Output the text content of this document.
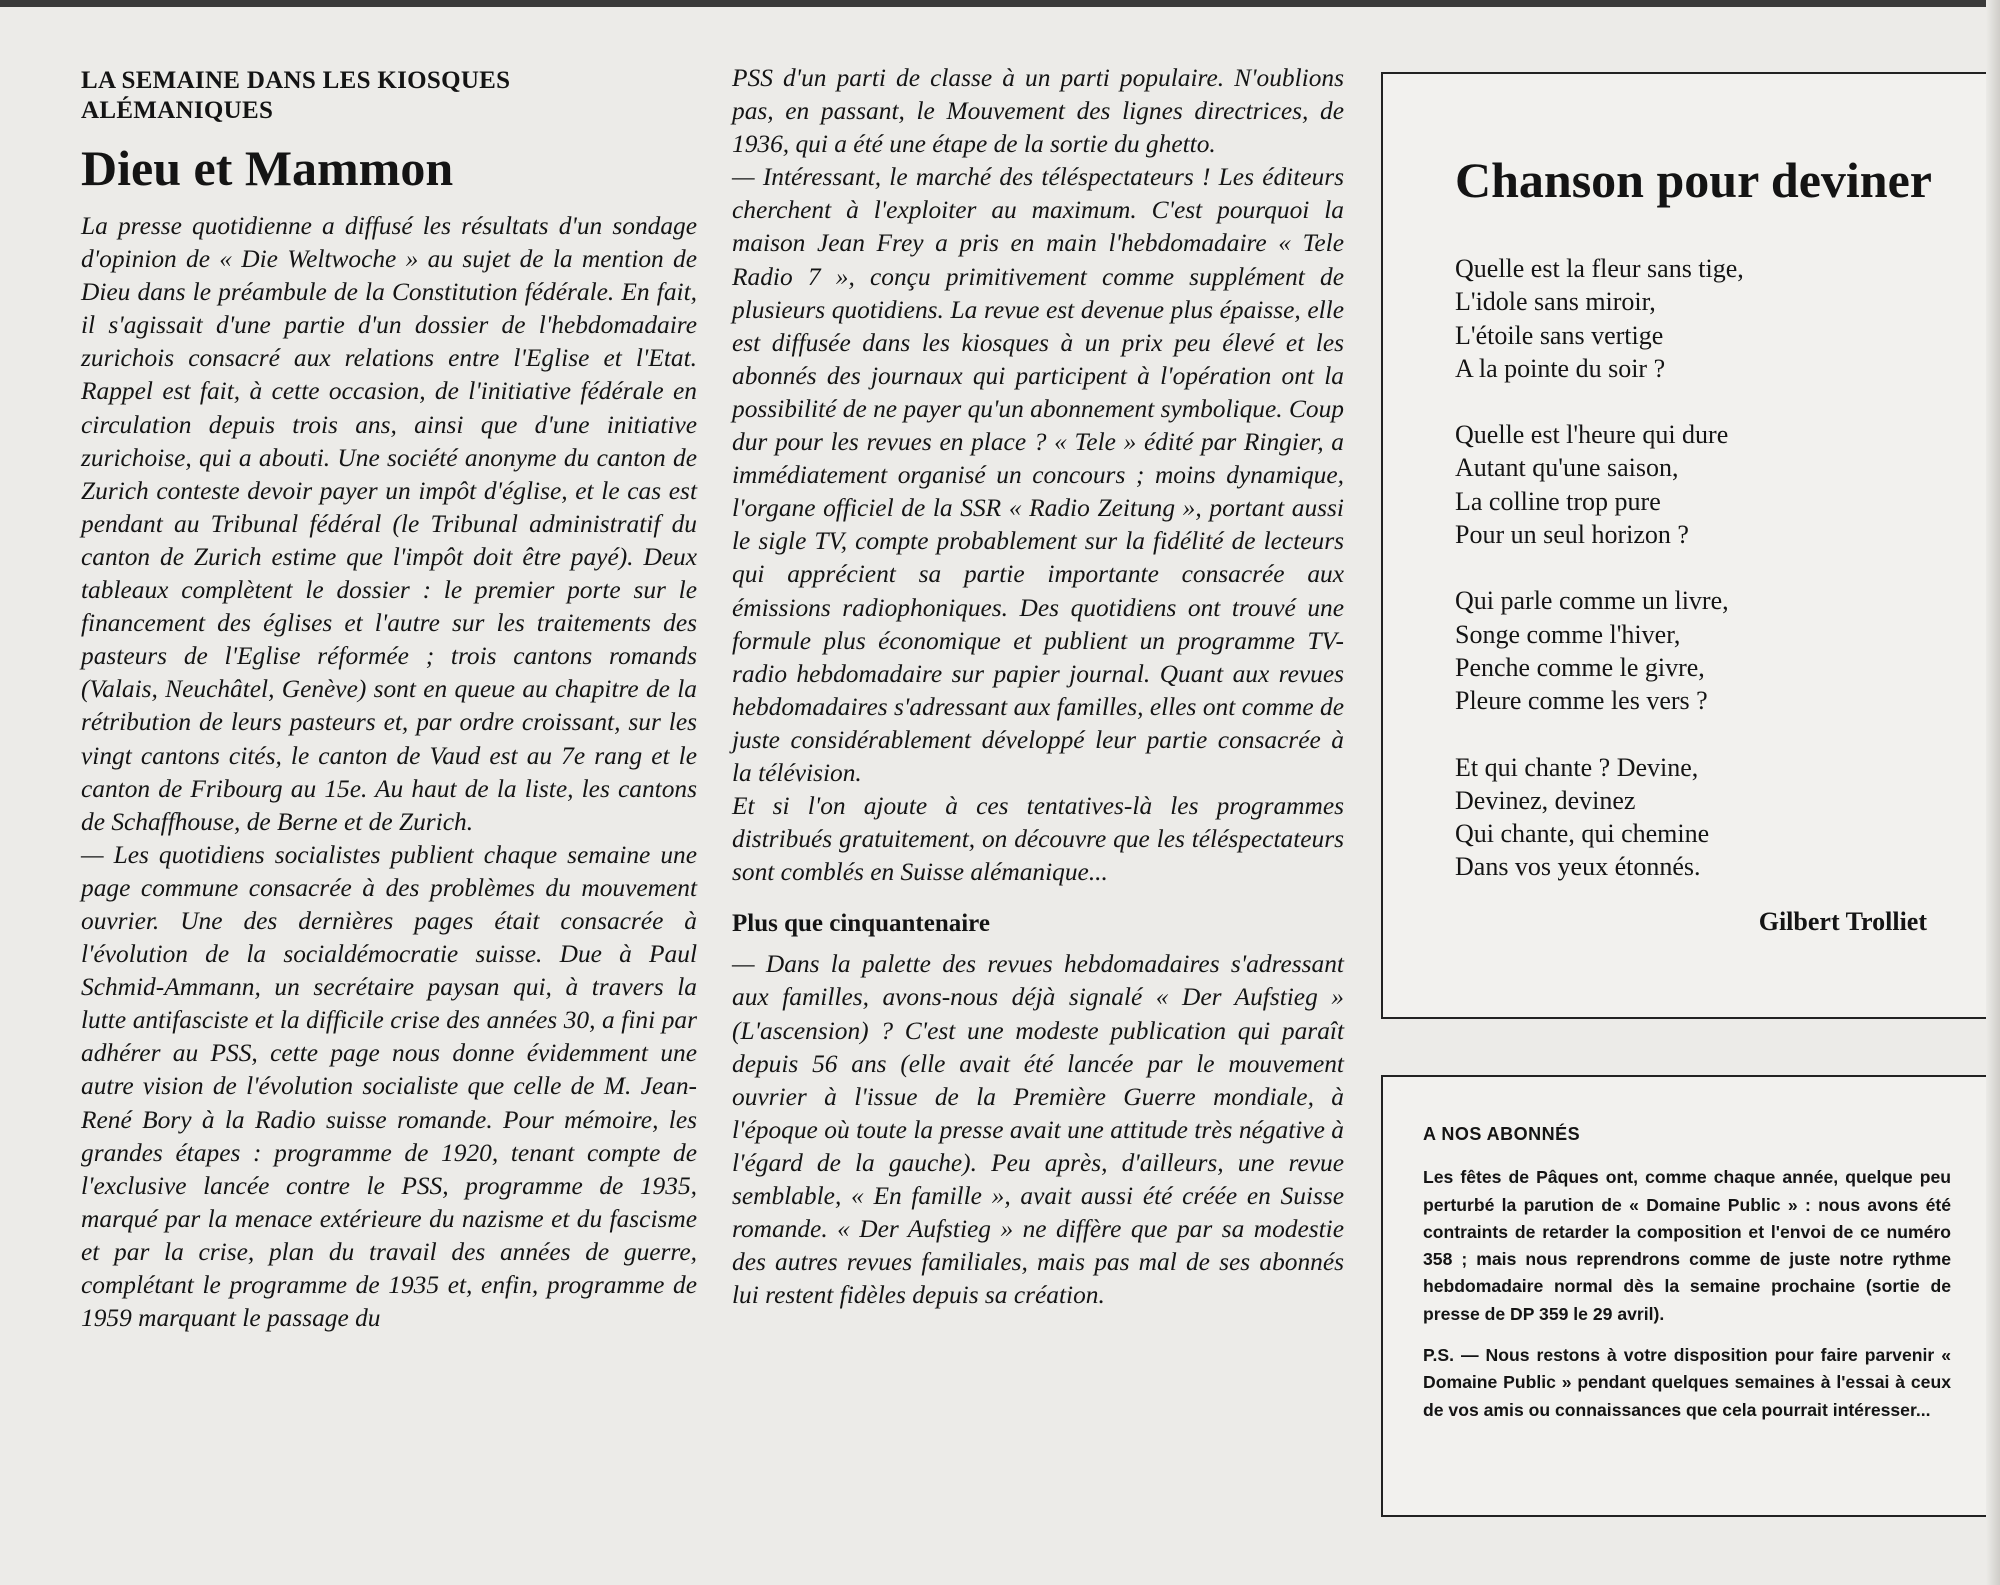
LA SEMAINE DANS LES KIOSQUES ALÉMANIQUES
Dieu et Mammon

La presse quotidienne a diffusé les résultats d'un sondage d'opinion de « Die Weltwoche » au sujet de la mention de Dieu dans le préambule de la Constitution fédérale. En fait, il s'agissait d'une partie d'un dossier de l'hebdomadaire zurichois consacré aux relations entre l'Eglise et l'Etat. Rappel est fait, à cette occasion, de l'initiative fédérale en circulation depuis trois ans, ainsi que d'une initiative zurichoise, qui a abouti. Une société anonyme du canton de Zurich conteste devoir payer un impôt d'église, et le cas est pendant au Tribunal fédéral (le Tribunal administratif du canton de Zurich estime que l'impôt doit être payé). Deux tableaux complètent le dossier : le premier porte sur le financement des églises et l'autre sur les traitements des pasteurs de l'Eglise réformée ; trois cantons romands (Valais, Neuchâtel, Genève) sont en queue au chapitre de la rétribution de leurs pasteurs et, par ordre croissant, sur les vingt cantons cités, le canton de Vaud est au 7e rang et le canton de Fribourg au 15e. Au haut de la liste, les cantons de Schaffhouse, de Berne et de Zurich.

— Les quotidiens socialistes publient chaque semaine une page commune consacrée à des problèmes du mouvement ouvrier. Une des dernières pages était consacrée à l'évolution de la socialdémocratie suisse. Due à Paul Schmid-Ammann, un secrétaire paysan qui, à travers la lutte antifasciste et la difficile crise des années 30, a fini par adhérer au PSS, cette page nous donne évidemment une autre vision de l'évolution socialiste que celle de M. Jean-René Bory à la Radio suisse romande. Pour mémoire, les grandes étapes : programme de 1920, tenant compte de l'exclusive lancée contre le PSS, programme de 1935, marqué par la menace extérieure du nazisme et du fascisme et par la crise, plan du travail des années de guerre, complétant le programme de 1935 et, enfin, programme de 1959 marquant le passage du

PSS d'un parti de classe à un parti populaire. N'oublions pas, en passant, le Mouvement des lignes directrices, de 1936, qui a été une étape de la sortie du ghetto.

— Intéressant, le marché des téléspectateurs ! Les éditeurs cherchent à l'exploiter au maximum. C'est pourquoi la maison Jean Frey a pris en main l'hebdomadaire « Tele Radio 7 », conçu primitivement comme supplément de plusieurs quotidiens. La revue est devenue plus épaisse, elle est diffusée dans les kiosques à un prix peu élevé et les abonnés des journaux qui participent à l'opération ont la possibilité de ne payer qu'un abonnement symbolique. Coup dur pour les revues en place ? « Tele » édité par Ringier, a immédiatement organisé un concours ; moins dynamique, l'organe officiel de la SSR « Radio Zeitung », portant aussi le sigle TV, compte probablement sur la fidélité de lecteurs qui apprécient sa partie importante consacrée aux émissions radiophoniques. Des quotidiens ont trouvé une formule plus économique et publient un programme TV-radio hebdomadaire sur papier journal. Quant aux revues hebdomadaires s'adressant aux familles, elles ont comme de juste considérablement développé leur partie consacrée à la télévision.

Et si l'on ajoute à ces tentatives-là les programmes distribués gratuitement, on découvre que les téléspectateurs sont comblés en Suisse alémanique...

Plus que cinquantenaire

— Dans la palette des revues hebdomadaires s'adressant aux familles, avons-nous déjà signalé « Der Aufstieg » (L'ascension) ? C'est une modeste publication qui paraît depuis 56 ans (elle avait été lancée par le mouvement ouvrier à l'issue de la Première Guerre mondiale, à l'époque où toute la presse avait une attitude très négative à l'égard de la gauche). Peu après, d'ailleurs, une revue semblable, « En famille », avait aussi été créée en Suisse romande. « Der Aufstieg » ne diffère que par sa modestie des autres revues familiales, mais pas mal de ses abonnés lui restent fidèles depuis sa création.

Chanson pour deviner
Quelle est la fleur sans tige,
L'idole sans miroir,
L'étoile sans vertige
A la pointe du soir ?
Quelle est l'heure qui dure
Autant qu'une saison,
La colline trop pure
Pour un seul horizon ?
Qui parle comme un livre,
Songe comme l'hiver,
Penche comme le givre,
Pleure comme les vers ?
Et qui chante ? Devine,
Devinez, devinez
Qui chante, qui chemine
Dans vos yeux étonnés.
Gilbert Trolliet
A NOS ABONNÉS

Les fêtes de Pâques ont, comme chaque année, quelque peu perturbé la parution de « Domaine Public » : nous avons été contraints de retarder la composition et l'envoi de ce numéro 358 ; mais nous reprendrons comme de juste notre rythme hebdomadaire normal dès la semaine prochaine (sortie de presse de DP 359 le 29 avril).

P.S. — Nous restons à votre disposition pour faire parvenir « Domaine Public » pendant quelques semaines à l'essai à ceux de vos amis ou connaissances que cela pourrait intéresser...
